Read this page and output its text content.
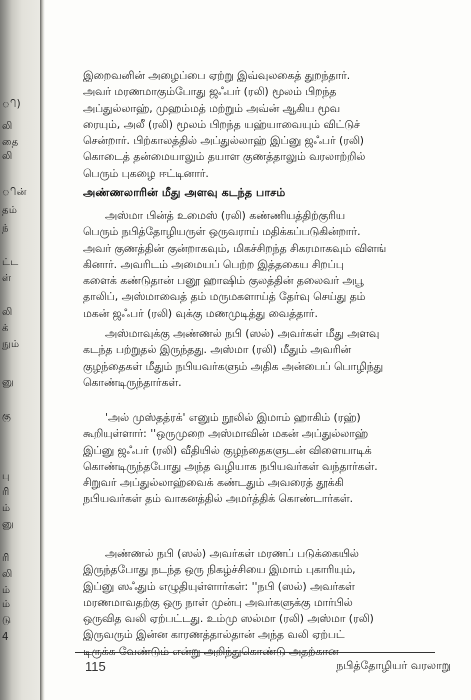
ி)
லி
தை
லி
ின்
தம்
ந்
ட்ட
ள்
லி
க்
நும்
னு
கு
பு
ரி
ம்
னு
ரி
லி
ம்
ம்
டு
4
இறைவனின் அழைப்பை ஏற்று இவ்வுலகைத் துறந்தார்.
அவர் மரணமாகும்போது ஜஃபர் (ரலி) மூலம் பிறந்த
அப்துல்லாஹ், முஹம்மத் மற்றும் அவ்ன் ஆகிய மூவ
ரையும், அலீ (ரலி) மூலம் பிறந்த யஹ்யாவையும் விட்டுச்
சென்றார். பிற்காலத்தில் அப்துல்லாஹ் இப்னு ஜஃபர் (ரலி)
கொடைத் தன்மையாலும் தயாள குணத்தாலும் வரலாற்றில்
பெரும் புகழை ஈட்டினார்.
அண்ணலாரின் மீது அளவு கடந்த பாசம்
அஸ்மா பின்த் உமைஸ் (ரலி) கண்ணியத்திற்குரிய
பெரும் நபித்தோழியருள் ஒருவராய் மதிக்கப்படுகின்றார்.
அவர் குணத்தின் குன்றாகவும், மிகச்சிறந்த சிகரமாகவும் விளங்
கினார். அவரிடம் அமையப் பெற்ற இத்தகைய சிறப்பு
களைக் கண்டுதான் பனூ ஹாஷிம் குலத்தின் தலைவர் அபூ
தாலிப், அஸ்மாவைத் தம் மருமகளாய்த் தேர்வு செய்து தம்
மகன் ஜஃபர் (ரலி) வுக்கு மணமுடித்து வைத்தார்.
அஸ்மாவுக்கு அண்ணல் நபி (ஸல்) அவர்கள் மீது அளவு
கடந்த பற்றுதல் இருந்தது. அஸ்மா (ரலி) மீதும் அவரின்
குழந்தைகள் மீதும் நபியவர்களும் அதிக அன்பைப் பொழிந்து
கொண்டிருந்தார்கள்.
'அல் முஸ்தத்ரக்' எனும் நூலில் இமாம் ஹாகிம் (ரஹ்)
கூறியுள்ளார்: ''ஒருமுறை அஸ்மாவின் மகன் அப்துல்லாஹ்
இப்னு ஜஃபர் (ரலி) வீதியில் குழந்தைகளுடன் விளையாடிக்
கொண்டிருந்தபோது அந்த வழியாக நபியவர்கள் வந்தார்கள்.
சிறுவர் அப்துல்லாஹ்வைக் கண்டதும் அவரைத் தூக்கி
நபியவர்கள் தம் வாகனத்தில் அமர்த்திக் கொண்டார்கள்.
அண்ணல் நபி (ஸல்) அவர்கள் மரணப் படுக்கையில்
இருந்தபோது நடந்த ஒரு நிகழ்ச்சியை இமாம் புகாரியும்,
இப்னு ஸஃதும் எழுதியுள்ளார்கள்: ''நபி (ஸல்) அவர்கள்
மரணமாவதற்கு ஒரு நாள் முன்பு அவர்களுக்கு மார்பில்
ஒருவித வலி ஏற்பட்டது. உம்மு ஸல்மா (ரலி) அஸ்மா (ரலி)
இருவரும் இன்ன காரணத்தால்தான் அந்த வலி ஏற்பட்
115	நபித்தோழியர் வரலாறு
